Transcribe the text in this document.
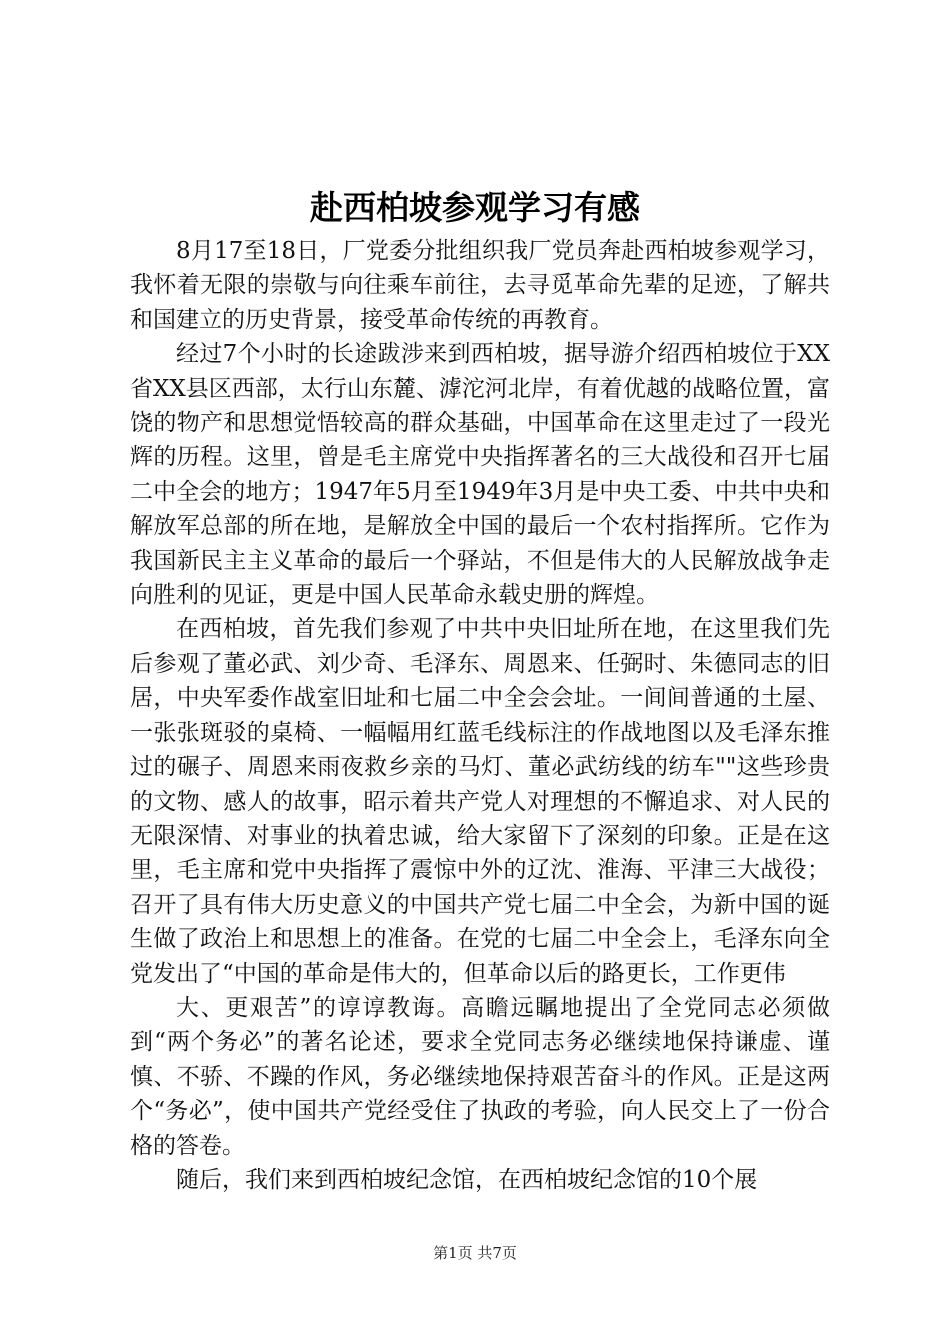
赴西柏坡参观学习有感

8月17至18日，厂党委分批组织我厂党员奔赴西柏坡参观学习，我怀着无限的崇敬与向往乘车前往，去寻觅革命先辈的足迹，了解共和国建立的历史背景，接受革命传统的再教育。

经过7个小时的长途跋涉来到西柏坡，据导游介绍西柏坡位于XX省XX县区西部，太行山东麓、滹沱河北岸，有着优越的战略位置，富饶的物产和思想觉悟较高的群众基础，中国革命在这里走过了一段光辉的历程。这里，曾是毛主席党中央指挥著名的三大战役和召开七届二中全会的地方；1947年5月至1949年3月是中央工委、中共中央和解放军总部的所在地，是解放全中国的最后一个农村指挥所。它作为我国新民主主义革命的最后一个驿站，不但是伟大的人民解放战争走向胜利的见证，更是中国人民革命永载史册的辉煌。

在西柏坡，首先我们参观了中共中央旧址所在地，在这里我们先后参观了董必武、刘少奇、毛泽东、周恩来、任弼时、朱德同志的旧居，中央军委作战室旧址和七届二中全会会址。一间间普通的土屋、一张张斑驳的桌椅、一幅幅用红蓝毛线标注的作战地图以及毛泽东推过的碾子、周恩来雨夜救乡亲的马灯、董必武纺线的纺车""这些珍贵的文物、感人的故事，昭示着共产党人对理想的不懈追求、对人民的无限深情、对事业的执着忠诚，给大家留下了深刻的印象。正是在这里，毛主席和党中央指挥了震惊中外的辽沈、淮海、平津三大战役；召开了具有伟大历史意义的中国共产党七届二中全会，为新中国的诞生做了政治上和思想上的准备。在党的七届二中全会上，毛泽东向全党发出了“中国的革命是伟大的，但革命以后的路更长，工作更伟

大、更艰苦”的谆谆教诲。高瞻远瞩地提出了全党同志必须做到“两个务必”的著名论述，要求全党同志务必继续地保持谦虚、谨慎、不骄、不躁的作风，务必继续地保持艰苦奋斗的作风。正是这两个“务必”，使中国共产党经受住了执政的考验，向人民交上了一份合格的答卷。

随后，我们来到西柏坡纪念馆，在西柏坡纪念馆的10个展

第1页 共7页
